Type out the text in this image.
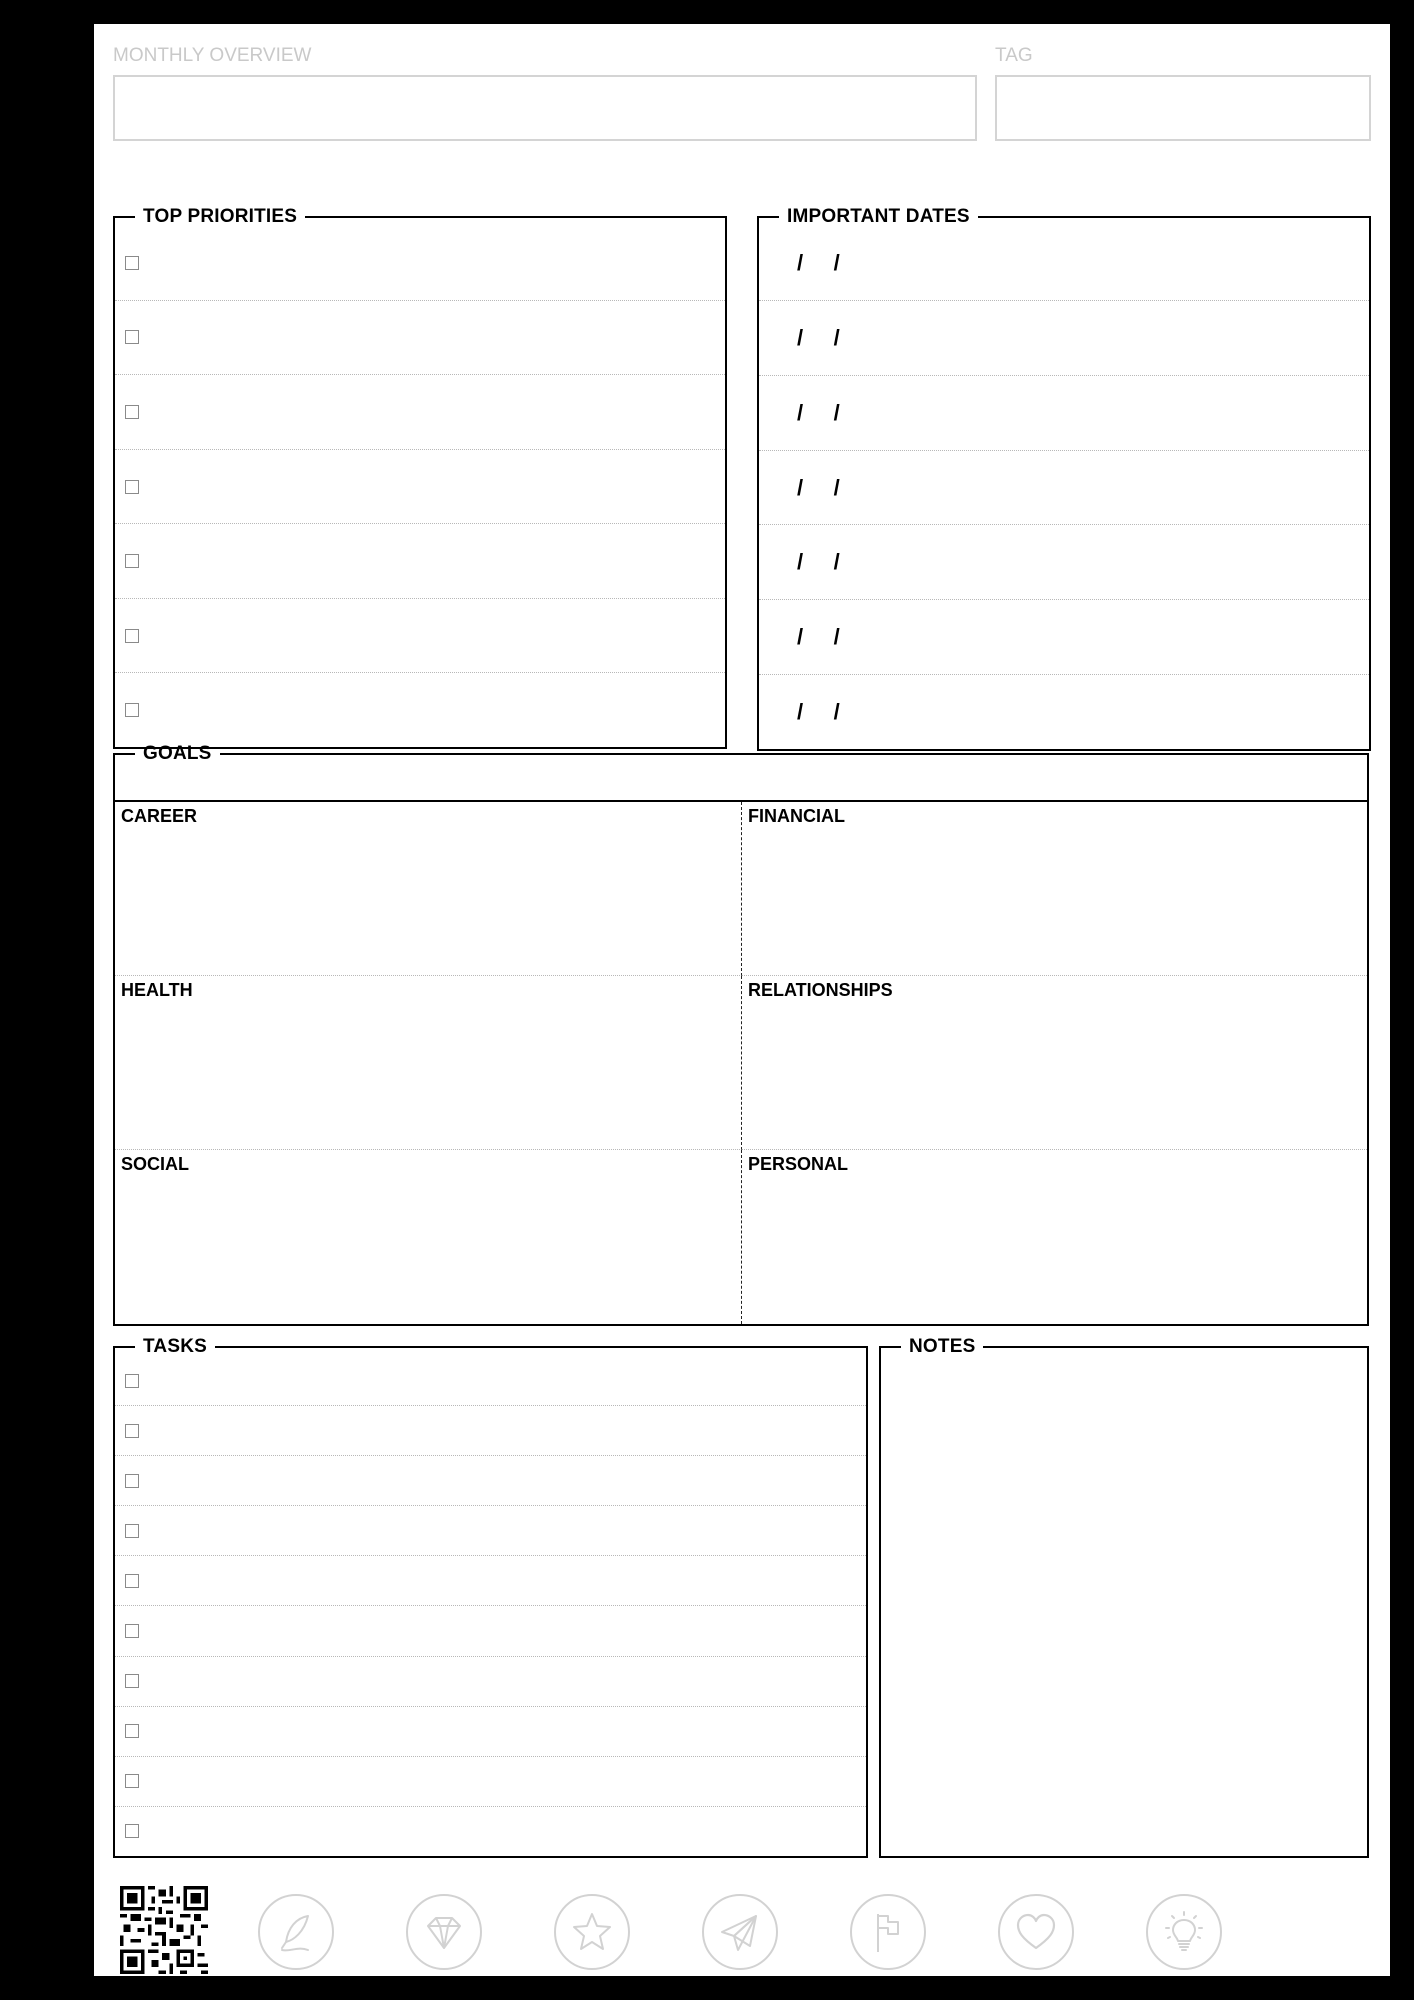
MONTHLY OVERVIEW	TAG
TOP PRIORITIES	IMPORTANT DATES
/     /
/     /
/     /
/     /
/     /
/     /
/     /
GOALS
CAREER	FINANCIAL
HEALTH	RELATIONSHIPS
SOCIAL	PERSONAL
TASKS	NOTES
